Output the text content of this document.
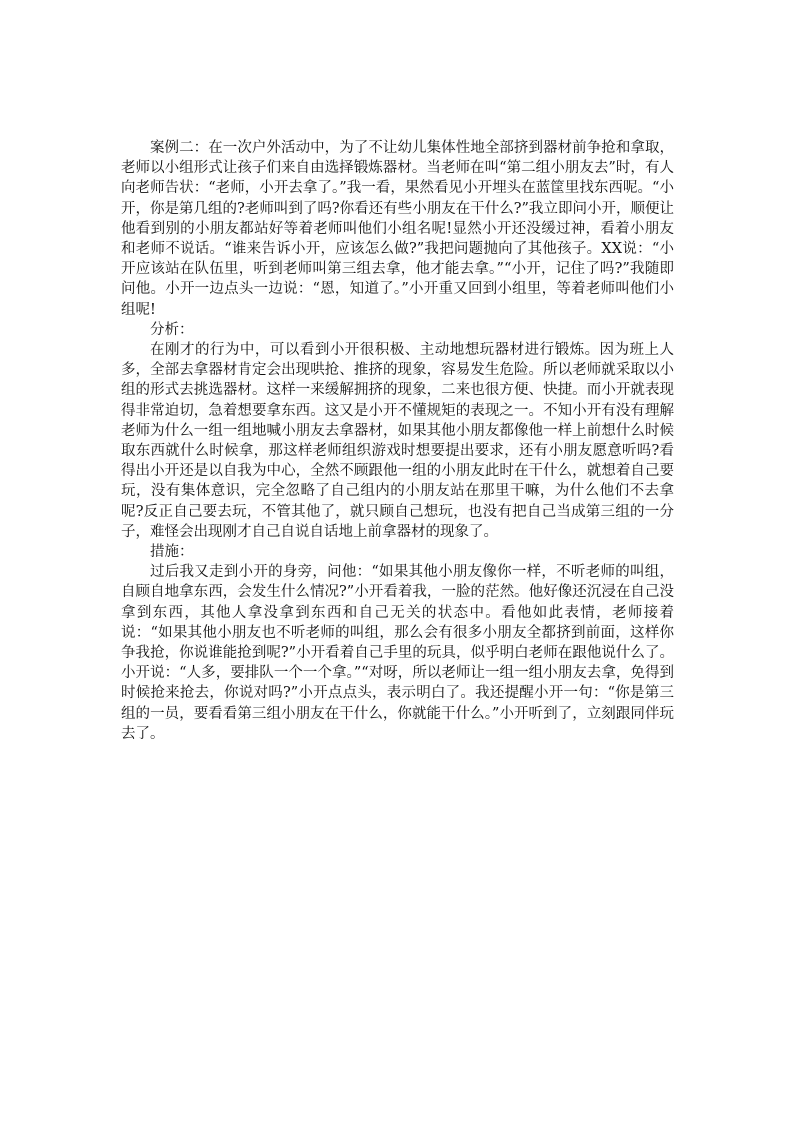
案例二：在一次户外活动中，为了不让幼儿集体性地全部挤到器材前争抢和拿取，老师以小组形式让孩子们来自由选择锻炼器材。当老师在叫“第二组小朋友去”时，有人向老师告状：“老师，小开去拿了。”我一看，果然看见小开埋头在蓝筐里找东西呢。“小开，你是第几组的?老师叫到了吗?你看还有些小朋友在干什么?”我立即问小开，顺便让他看到别的小朋友都站好等着老师叫他们小组名呢!显然小开还没缓过神，看着小朋友和老师不说话。“谁来告诉小开，应该怎么做?”我把问题抛向了其他孩子。XX说：“小开应该站在队伍里，听到老师叫第三组去拿，他才能去拿。”“小开，记住了吗?”我随即问他。小开一边点头一边说：“恩，知道了。”小开重又回到小组里，等着老师叫他们小组呢!

分析：

在刚才的行为中，可以看到小开很积极、主动地想玩器材进行锻炼。因为班上人多，全部去拿器材肯定会出现哄抢、推挤的现象，容易发生危险。所以老师就采取以小组的形式去挑选器材。这样一来缓解拥挤的现象，二来也很方便、快捷。而小开就表现得非常迫切，急着想要拿东西。这又是小开不懂规矩的表现之一。不知小开有没有理解老师为什么一组一组地喊小朋友去拿器材，如果其他小朋友都像他一样上前想什么时候取东西就什么时候拿，那这样老师组织游戏时想要提出要求，还有小朋友愿意听吗?看得出小开还是以自我为中心，全然不顾跟他一组的小朋友此时在干什么，就想着自己要玩，没有集体意识，完全忽略了自己组内的小朋友站在那里干嘛，为什么他们不去拿呢?反正自己要去玩，不管其他了，就只顾自己想玩，也没有把自己当成第三组的一分子，难怪会出现刚才自己自说自话地上前拿器材的现象了。

措施：

过后我又走到小开的身旁，问他：“如果其他小朋友像你一样，不听老师的叫组，自顾自地拿东西，会发生什么情况?”小开看着我，一脸的茫然。他好像还沉浸在自己没拿到东西，其他人拿没拿到东西和自己无关的状态中。看他如此表情，老师接着说：“如果其他小朋友也不听老师的叫组，那么会有很多小朋友全都挤到前面，这样你争我抢，你说谁能抢到呢?”小开看着自己手里的玩具，似乎明白老师在跟他说什么了。小开说：“人多，要排队一个一个拿。”“对呀，所以老师让一组一组小朋友去拿，免得到时候抢来抢去，你说对吗?”小开点点头，表示明白了。我还提醒小开一句：“你是第三组的一员，要看看第三组小朋友在干什么，你就能干什么。”小开听到了，立刻跟同伴玩去了。
